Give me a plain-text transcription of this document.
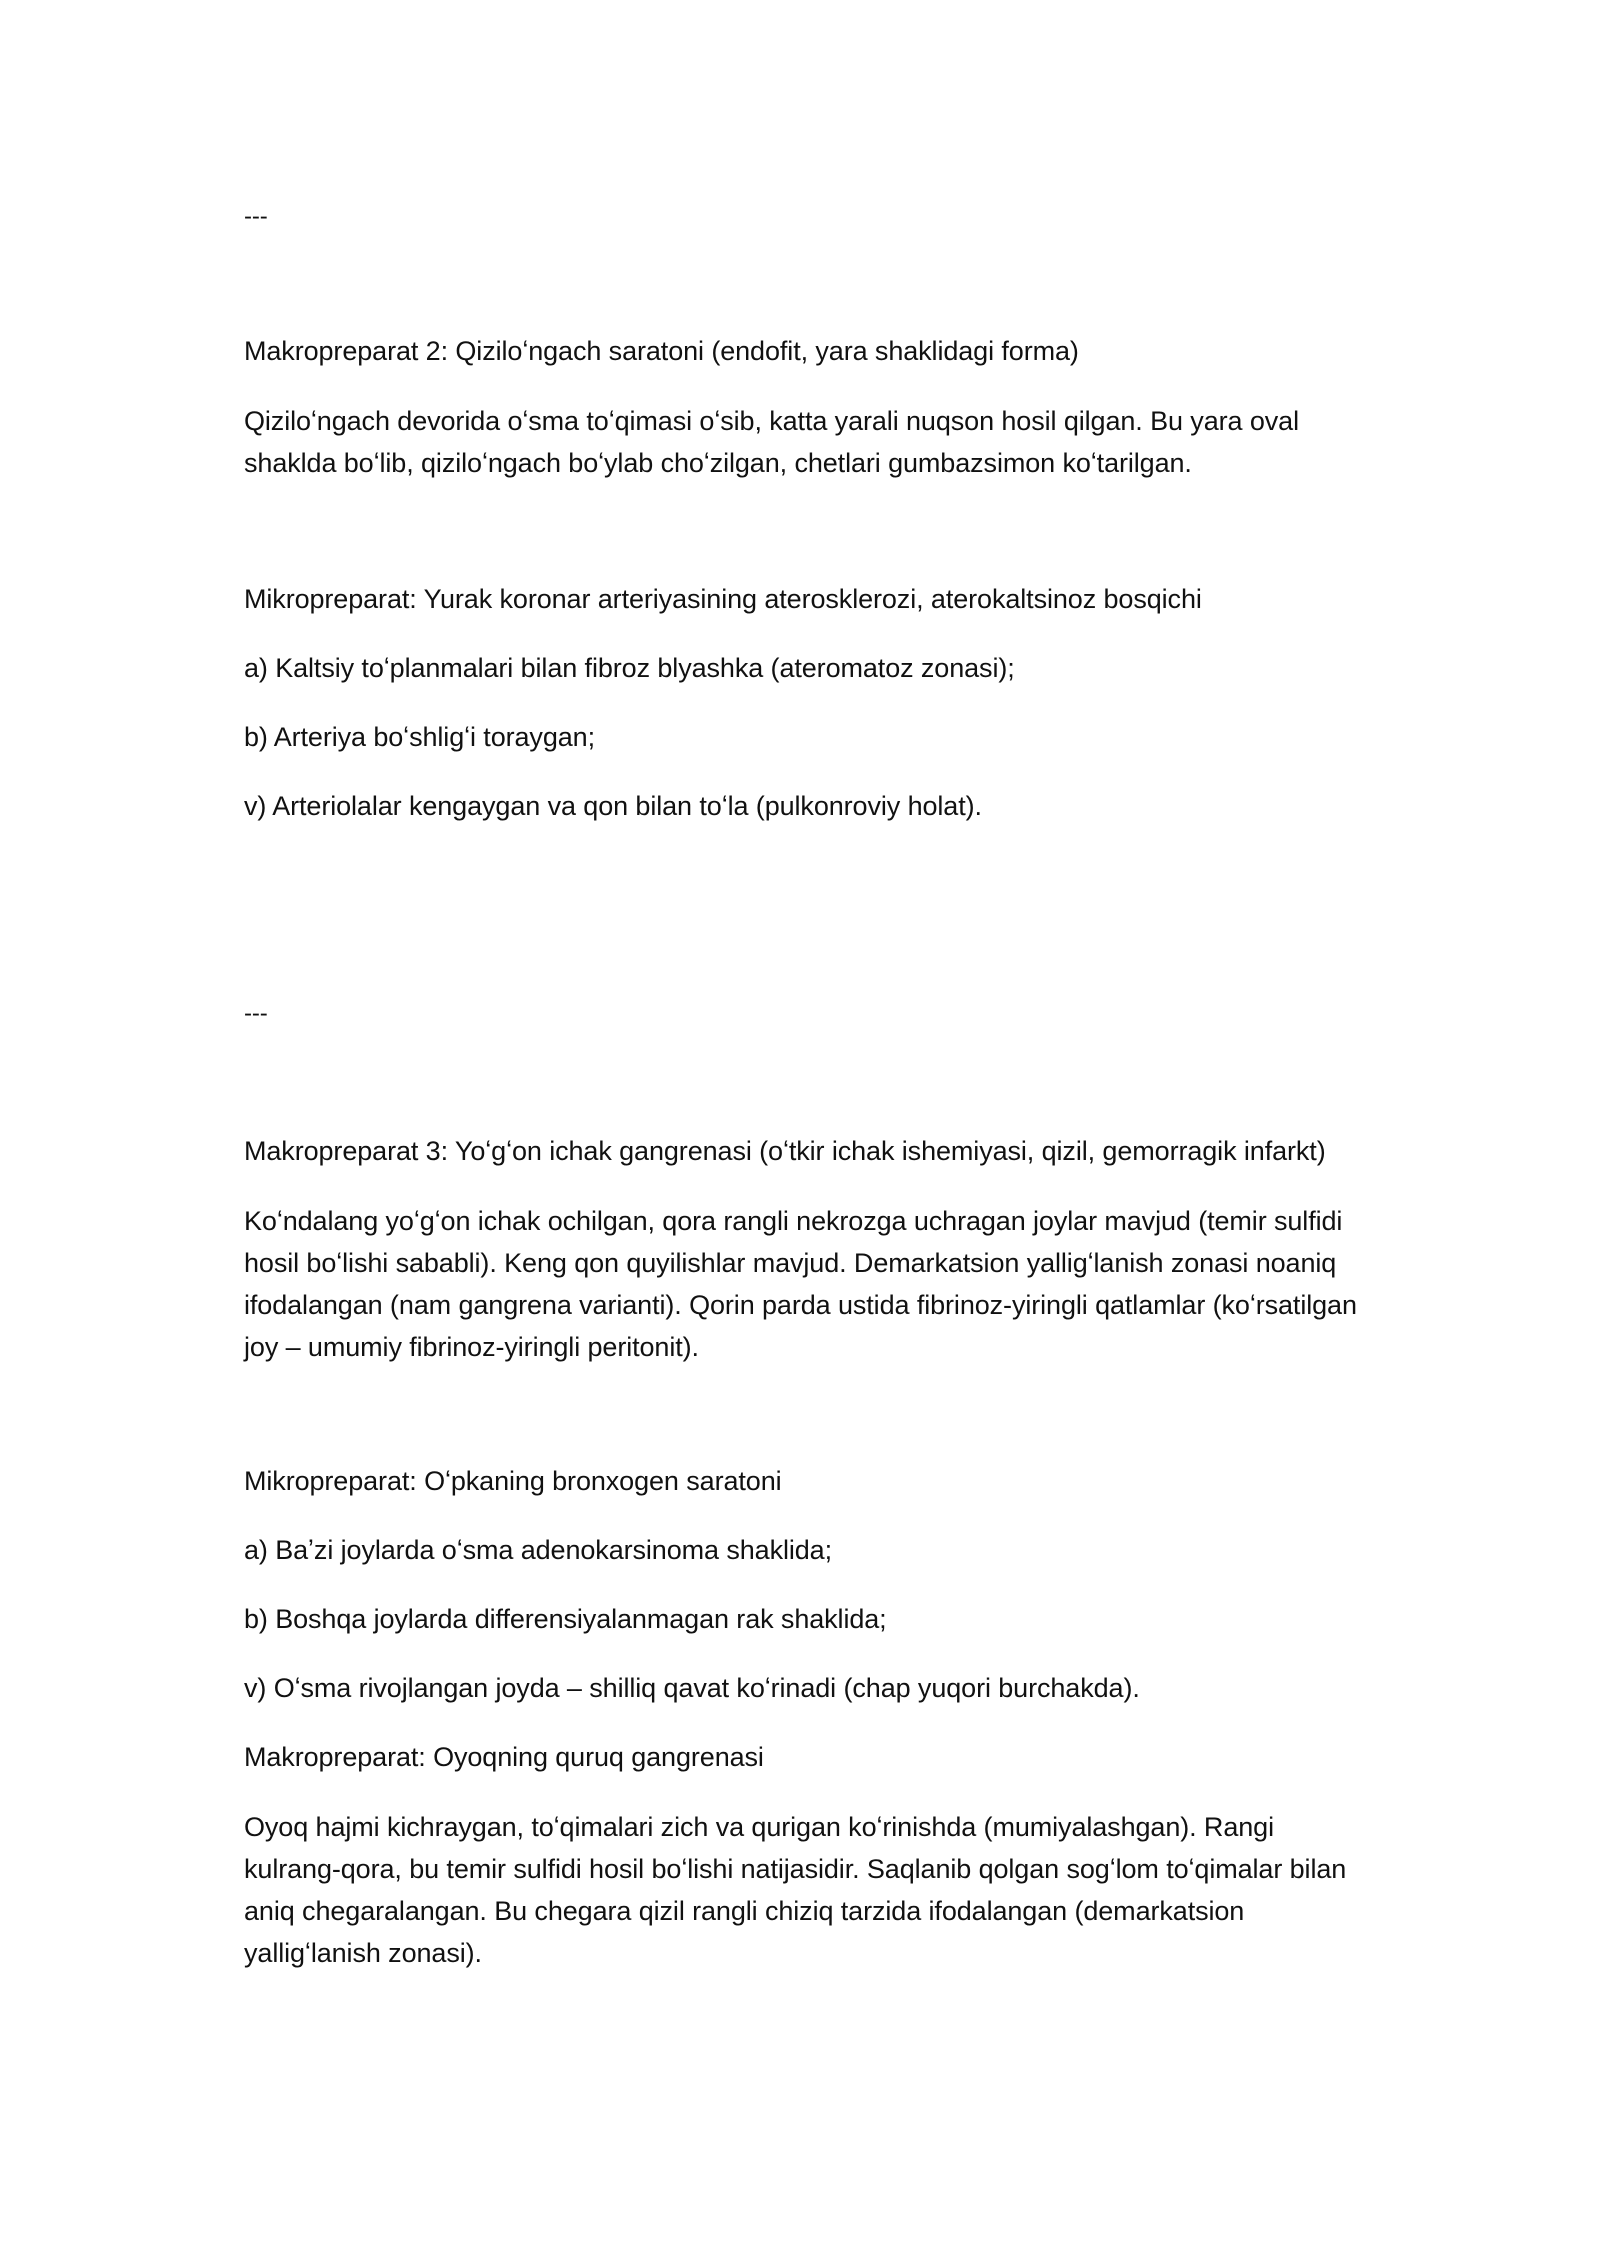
---

Makropreparat 2: Qiziloʻngach saratoni (endofit, yara shaklidagi forma)

Qiziloʻngach devorida oʻsma toʻqimasi oʻsib, katta yarali nuqson hosil qilgan. Bu yara oval shaklda boʻlib, qiziloʻngach boʻylab choʻzilgan, chetlari gumbazsimon koʻtarilgan.

Mikropreparat: Yurak koronar arteriyasining aterosklerozi, aterokaltsinoz bosqichi

a) Kaltsiy toʻplanmalari bilan fibroz blyashka (ateromatoz zonasi);

b) Arteriya boʻshligʻi toraygan;

v) Arteriolalar kengaygan va qon bilan toʻla (pulkonroviy holat).

---

Makropreparat 3: Yoʻgʻon ichak gangrenasi (oʻtkir ichak ishemiyasi, qizil, gemorragik infarkt)

Koʻndalang yoʻgʻon ichak ochilgan, qora rangli nekrozga uchragan joylar mavjud (temir sulfidi hosil boʻlishi sababli). Keng qon quyilishlar mavjud. Demarkatsion yalligʻlanish zonasi noaniq ifodalangan (nam gangrena varianti). Qorin parda ustida fibrinoz-yiringli qatlamlar (koʻrsatilgan joy – umumiy fibrinoz-yiringli peritonit).

Mikropreparat: Oʻpkaning bronxogen saratoni

a) Baʼzi joylarda oʻsma adenokarsinoma shaklida;

b) Boshqa joylarda differensiyalanmagan rak shaklida;

v) Oʻsma rivojlangan joyda – shilliq qavat koʻrinadi (chap yuqori burchakda).

Makropreparat: Oyoqning quruq gangrenasi

Oyoq hajmi kichraygan, toʻqimalari zich va qurigan koʻrinishda (mumiyalashgan). Rangi kulrang-qora, bu temir sulfidi hosil boʻlishi natijasidir. Saqlanib qolgan sogʻlom toʻqimalar bilan aniq chegaralangan. Bu chegara qizil rangli chiziq tarzida ifodalangan (demarkatsion yalligʻlanish zonasi).
